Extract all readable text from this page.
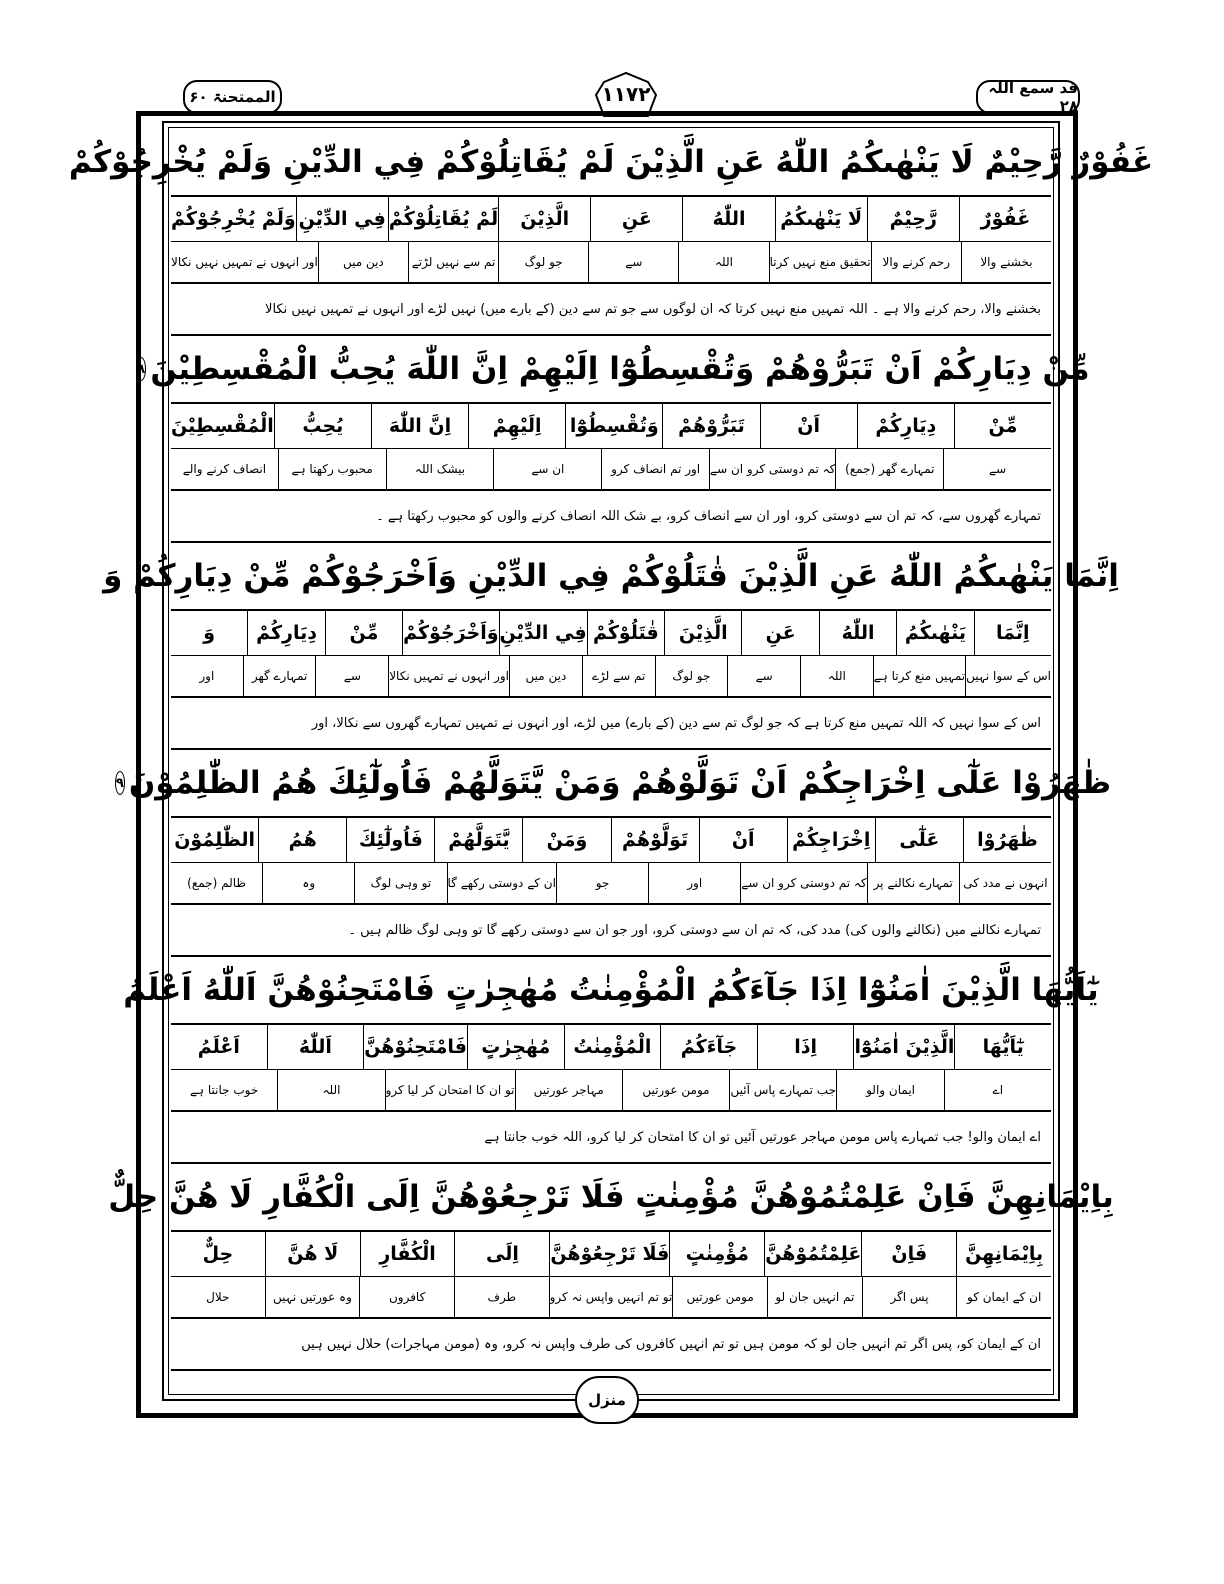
الممتحنۃ ۶۰	۱۱۷۲	قد سمع اللہ ۲۸
غَفُوْرٌ رَّحِيْمٌ لَا يَنْهٰىكُمُ اللّٰهُ عَنِ الَّذِيْنَ لَمْ يُقَاتِلُوْكُمْ فِي الدِّيْنِ وَلَمْ يُخْرِجُوْكُمْ
غَفُوْرٌ
رَّحِيْمٌ
لَا يَنْهٰىكُمُ
اللّٰهُ
عَنِ
الَّذِيْنَ
لَمْ يُقَاتِلُوْكُمْ
فِي الدِّيْنِ
وَلَمْ يُخْرِجُوْكُمْ
بخشنے والا
رحم کرنے والا
تحقیق منع نہیں کرتا
اللہ
سے
جو لوگ
تم سے نہیں لڑتے
دین میں
اور انہوں نے تمہیں نہیں نکالا
بخشنے والا، رحم کرنے والا ہے ۔ اللہ تمہیں منع نہیں کرتا کہ ان لوگوں سے جو تم سے دین (کے بارے میں) نہیں لڑے اور انہوں نے تمہیں نہیں نکالا
مِّنْ دِيَارِكُمْ اَنْ تَبَرُّوْهُمْ وَتُقْسِطُوْٓا اِلَيْهِمْ اِنَّ اللّٰهَ يُحِبُّ الْمُقْسِطِيْنَ
۸
مِّنْ
دِيَارِكُمْ
اَنْ
تَبَرُّوْهُمْ
وَتُقْسِطُوْٓا
اِلَيْهِمْ
اِنَّ اللّٰهَ
يُحِبُّ
الْمُقْسِطِيْنَ
سے
تمہارے گھر (جمع)
کہ تم دوستی کرو ان سے
اور تم انصاف کرو
ان سے
بیشک اللہ
محبوب رکھتا ہے
انصاف کرنے والے
تمہارے گھروں سے، کہ تم ان سے دوستی کرو، اور ان سے انصاف کرو، بے شک اللہ انصاف کرنے والوں کو محبوب رکھتا ہے ۔
اِنَّمَا يَنْهٰىكُمُ اللّٰهُ عَنِ الَّذِيْنَ قٰتَلُوْكُمْ فِي الدِّيْنِ وَاَخْرَجُوْكُمْ مِّنْ دِيَارِكُمْ وَ
اِنَّمَا
يَنْهٰىكُمُ
اللّٰهُ
عَنِ
الَّذِيْنَ
قٰتَلُوْكُمْ
فِي الدِّيْنِ
وَاَخْرَجُوْكُمْ
مِّنْ
دِيَارِكُمْ
وَ
اس کے سوا نہیں
تمہیں منع کرتا ہے
اللہ
سے
جو لوگ
تم سے لڑے
دین میں
اور انہوں نے تمہیں نکالا
سے
تمہارے گھر
اور
اس کے سوا نہیں کہ اللہ تمہیں منع کرتا ہے کہ جو لوگ تم سے دین (کے بارے) میں لڑے، اور انہوں نے تمہیں تمہارے گھروں سے نکالا، اور
ظٰهَرُوْا عَلٰٓى اِخْرَاجِكُمْ اَنْ تَوَلَّوْهُمْ وَمَنْ يَّتَوَلَّهُمْ فَاُولٰٓئِكَ هُمُ الظّٰلِمُوْنَ
۹
ظٰهَرُوْا
عَلٰٓى
اِخْرَاجِكُمْ
اَنْ
تَوَلَّوْهُمْ
وَمَنْ
يَّتَوَلَّهُمْ
فَاُولٰٓئِكَ
هُمُ
الظّٰلِمُوْنَ
انہوں نے مدد کی
تمہارے نکالنے پر
کہ تم دوستی کرو ان سے
اور
جو
ان کے دوستی رکھے گا
تو وہی لوگ
وہ
ظالم (جمع)
تمہارے نکالنے میں (نکالنے والوں کی) مدد کی، کہ تم ان سے دوستی کرو، اور جو ان سے دوستی رکھے گا تو وہی لوگ ظالم ہیں ۔
يٰٓاَيُّهَا الَّذِيْنَ اٰمَنُوْٓا اِذَا جَآءَكُمُ الْمُؤْمِنٰتُ مُهٰجِرٰتٍ فَامْتَحِنُوْهُنَّ اَللّٰهُ اَعْلَمُ
يٰٓاَيُّهَا
الَّذِيْنَ اٰمَنُوْٓا
اِذَا
جَآءَكُمُ
الْمُؤْمِنٰتُ
مُهٰجِرٰتٍ
فَامْتَحِنُوْهُنَّ
اَللّٰهُ
اَعْلَمُ
اے
ایمان والو
جب تمہارے پاس آئیں
مومن عورتیں
مہاجر عورتیں
تو ان کا امتحان کر لیا کرو
اللہ
خوب جانتا ہے
اے ایمان والو! جب تمہارے پاس مومن مہاجر عورتیں آئیں تو ان کا امتحان کر لیا کرو، اللہ خوب جانتا ہے
بِاِيْمَانِهِنَّ فَاِنْ عَلِمْتُمُوْهُنَّ مُؤْمِنٰتٍ فَلَا تَرْجِعُوْهُنَّ اِلَى الْكُفَّارِ لَا هُنَّ حِلٌّ
بِاِيْمَانِهِنَّ
فَاِنْ
عَلِمْتُمُوْهُنَّ
مُؤْمِنٰتٍ
فَلَا تَرْجِعُوْهُنَّ
اِلَى
الْكُفَّارِ
لَا هُنَّ
حِلٌّ
ان کے ایمان کو
پس اگر
تم انہیں جان لو
مومن عورتیں
تو تم انہیں واپس نہ کرو
طرف
کافروں
وہ عورتیں نہیں
حلال
ان کے ایمان کو، پس اگر تم انہیں جان لو کہ مومن ہیں تو تم انہیں کافروں کی طرف واپس نہ کرو، وہ (مومن مہاجرات) حلال نہیں ہیں
منزل
